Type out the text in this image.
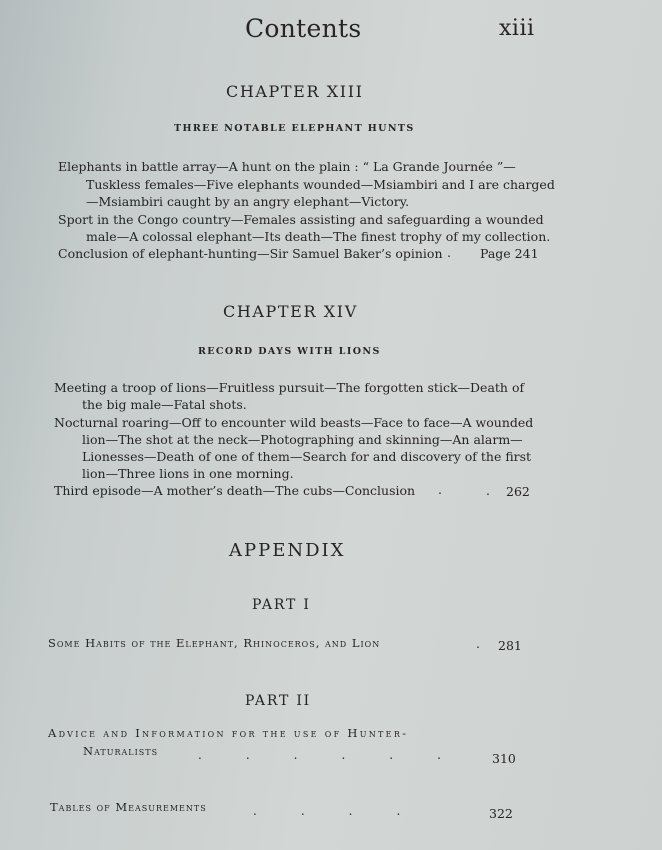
Contents	xiii
CHAPTER XIII
THREE NOTABLE ELEPHANT HUNTS
Elephants in battle array—A hunt on the plain : “ La Grande Journée ”—
Tuskless females—Five elephants wounded—Msiambiri and I are charged
—Msiambiri caught by an angry elephant—Victory.
Sport in the Congo country—Females assisting and safeguarding a wounded
male—A colossal elephant—Its death—The finest trophy of my collection.
Conclusion of elephant-hunting—Sir Samuel Baker’s opinion . Page 241
CHAPTER XIV
RECORD DAYS WITH LIONS
Meeting a troop of lions—Fruitless pursuit—The forgotten stick—Death of
the big male—Fatal shots.
Nocturnal roaring—Off to encounter wild beasts—Face to face—A wounded
lion—The shot at the neck—Photographing and skinning—An alarm—
Lionesses—Death of one of them—Search for and discovery of the first
lion—Three lions in one morning.
Third episode—A mother’s death—The cubs—Conclusion .	. 262
APPENDIX
PART I
Some Habits of the Elephant, Rhinoceros, and Lion	. 281
PART II
Advice and Information for the use of Hunter-
Naturalists	...... 310
Tables of Measurements	....	322
